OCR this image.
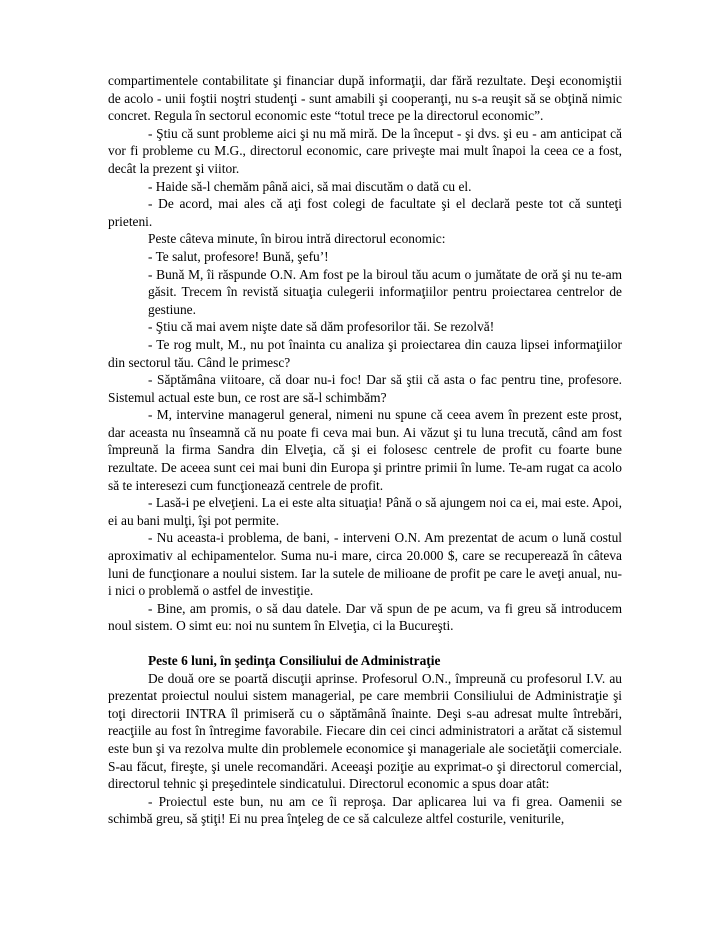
compartimentele contabilitate şi financiar după informaţii, dar fără rezultate. Deşi economiştii de acolo - unii foştii noştri studenţi - sunt amabili şi cooperanţi, nu s-a reuşit să se obţină nimic concret. Regula în sectorul economic este “totul trece pe la directorul economic”.

- Ştiu că sunt probleme aici şi nu mă miră. De la început - şi dvs. şi eu - am anticipat că vor fi probleme cu M.G., directorul economic, care priveşte mai mult înapoi la ceea ce a fost, decât la prezent şi viitor.

- Haide să-l chemăm până aici, să mai discutăm o dată cu el.

- De acord, mai ales că aţi fost colegi de facultate şi el declară peste tot că sunteţi prieteni.

Peste câteva minute, în birou intră directorul economic:

- Te salut, profesore! Bună, şefu’!

- Bună M, îi răspunde O.N. Am fost pe la biroul tău acum o jumătate de oră şi nu te-am găsit. Trecem în revistă situaţia culegerii informaţiilor pentru proiectarea centrelor de gestiune.

- Ştiu că mai avem nişte date să dăm profesorilor tăi. Se rezolvă!

- Te rog mult, M., nu pot înainta cu analiza şi proiectarea din cauza lipsei informaţiilor din sectorul tău. Când le primesc?

- Săptămâna viitoare, că doar nu-i foc! Dar să ştii că asta o fac pentru tine, profesore. Sistemul actual este bun, ce rost are să-l schimbăm?

- M, intervine managerul general, nimeni nu spune că ceea avem în prezent este prost, dar aceasta nu înseamnă că nu poate fi ceva mai bun. Ai văzut şi tu luna trecută, când am fost împreună la firma Sandra din Elveţia, că şi ei folosesc centrele de profit cu foarte bune rezultate. De aceea sunt cei mai buni din Europa şi printre primii în lume. Te-am rugat ca acolo să te interesezi cum funcţionează centrele de profit.

- Lasă-i pe elveţieni. La ei este alta situaţia! Până o să ajungem noi ca ei, mai este. Apoi, ei au bani mulţi, îşi pot permite.

- Nu aceasta-i problema, de bani, - interveni O.N. Am prezentat de acum o lună costul aproximativ al echipamentelor. Suma nu-i mare, circa 20.000 $, care se recuperează în câteva luni de funcţionare a noului sistem. Iar la sutele de milioane de profit pe care le aveţi anual, nu-i nici o problemă o astfel de investiţie.

- Bine, am promis, o să dau datele. Dar vă spun de pe acum, va fi greu să introducem noul sistem. O simt eu: noi nu suntem în Elveţia, ci la Bucureşti.

Peste 6 luni, în şedinţa Consiliului de Administraţie

De două ore se poartă discuţii aprinse. Profesorul O.N., împreună cu profesorul I.V. au prezentat proiectul noului sistem managerial, pe care membrii Consiliului de Administraţie şi toţi directorii INTRA îl primiseră cu o săptămână înainte. Deşi s-au adresat multe întrebări, reacţiile au fost în întregime favorabile. Fiecare din cei cinci administratori a arătat că sistemul este bun şi va rezolva multe din problemele economice şi manageriale ale societăţii comerciale. S-au făcut, fireşte, şi unele recomandări. Aceeaşi poziţie au exprimat-o şi directorul comercial, directorul tehnic şi preşedintele sindicatului. Directorul economic a spus doar atât:

- Proiectul este bun, nu am ce îi reproşa. Dar aplicarea lui va fi grea. Oamenii se schimbă greu, să ştiţi! Ei nu prea înţeleg de ce să calculeze altfel costurile, veniturile,
